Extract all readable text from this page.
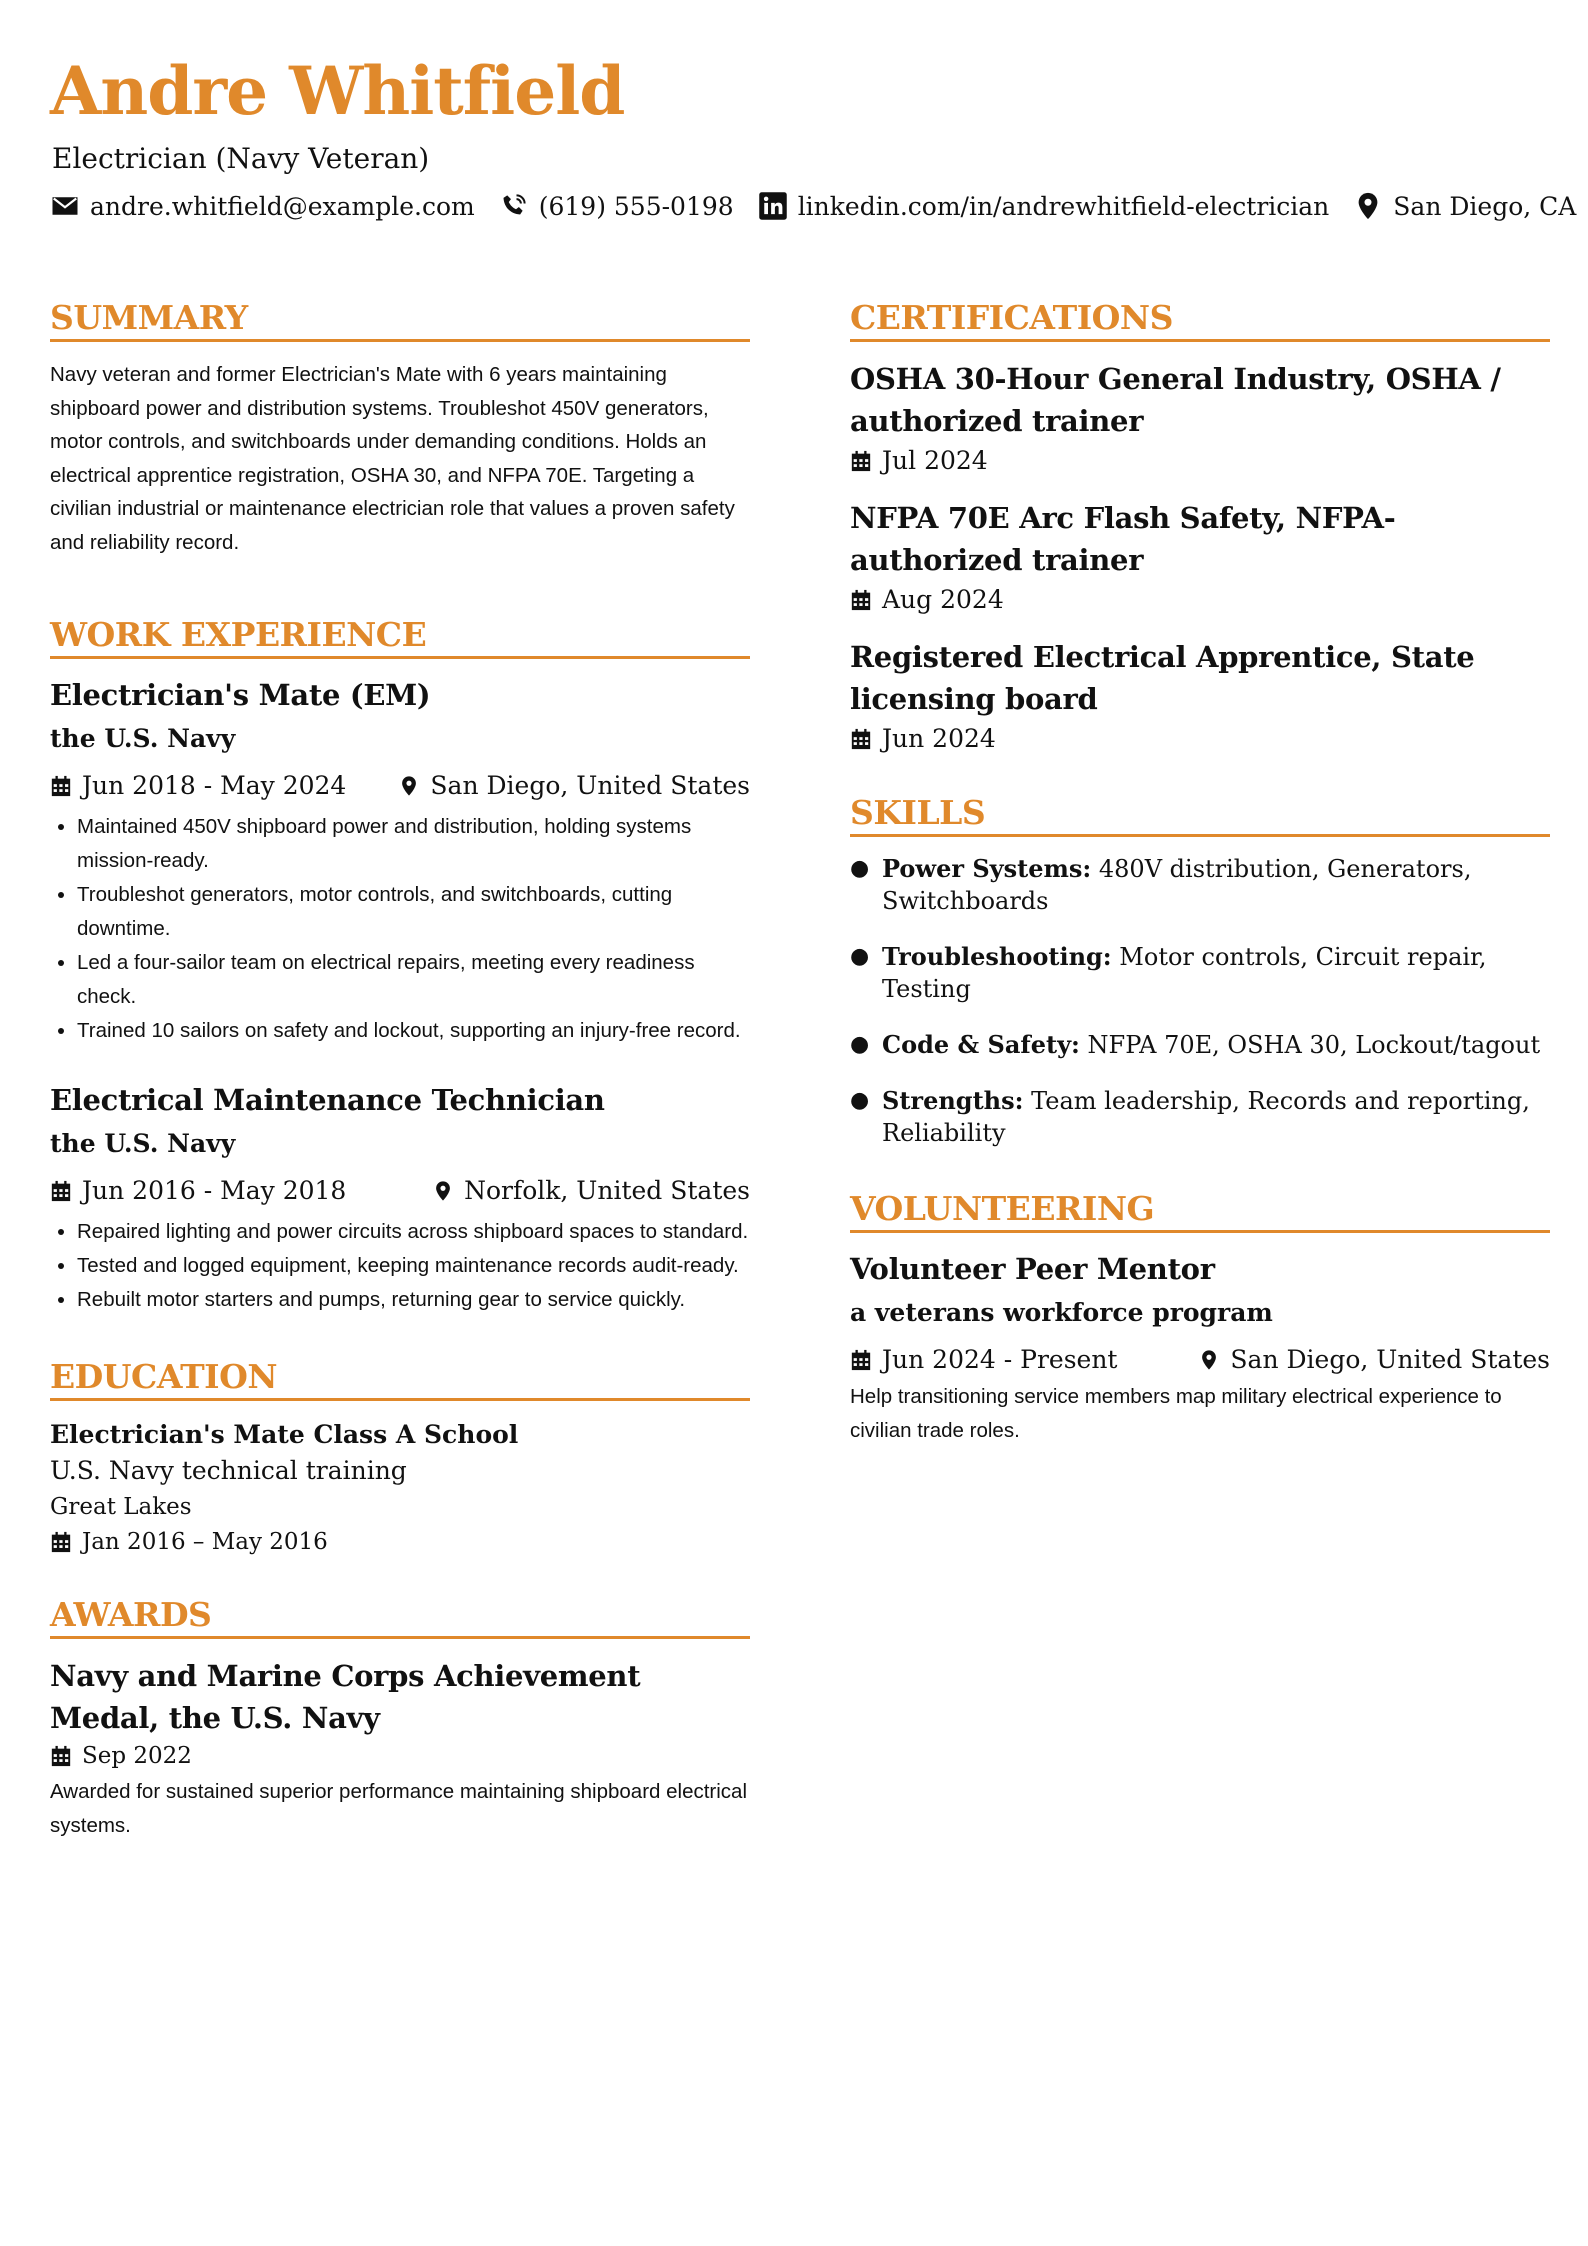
Andre Whitfield
Electrician (Navy Veteran)
andre.whitfield@example.com	(619) 555-0198	linkedin.com/in/andrewhitfield-electrician	San Diego, CA
SUMMARY
Navy veteran and former Electrician's Mate with 6 years maintaining shipboard power and distribution systems. Troubleshot 450V generators, motor controls, and switchboards under demanding conditions. Holds an electrical apprentice registration, OSHA 30, and NFPA 70E. Targeting a civilian industrial or maintenance electrician role that values a proven safety and reliability record.
WORK EXPERIENCE
Electrician's Mate (EM)
the U.S. Navy
Jun 2018 - May 2024	San Diego, United States
• Maintained 450V shipboard power and distribution, holding systems mission-ready.
• Troubleshot generators, motor controls, and switchboards, cutting downtime.
• Led a four-sailor team on electrical repairs, meeting every readiness check.
• Trained 10 sailors on safety and lockout, supporting an injury-free record.
Electrical Maintenance Technician
the U.S. Navy
Jun 2016 - May 2018	Norfolk, United States
• Repaired lighting and power circuits across shipboard spaces to standard.
• Tested and logged equipment, keeping maintenance records audit-ready.
• Rebuilt motor starters and pumps, returning gear to service quickly.
EDUCATION
Electrician's Mate Class A School
U.S. Navy technical training
Great Lakes
Jan 2016 – May 2016
AWARDS
Navy and Marine Corps Achievement Medal, the U.S. Navy
Sep 2022
Awarded for sustained superior performance maintaining shipboard electrical systems.
CERTIFICATIONS
OSHA 30-Hour General Industry, OSHA / authorized trainer
Jul 2024
NFPA 70E Arc Flash Safety, NFPA-authorized trainer
Aug 2024
Registered Electrical Apprentice, State licensing board
Jun 2024
SKILLS
● Power Systems: 480V distribution, Generators, Switchboards
● Troubleshooting: Motor controls, Circuit repair, Testing
● Code & Safety: NFPA 70E, OSHA 30, Lockout/tagout
● Strengths: Team leadership, Records and reporting, Reliability
VOLUNTEERING
Volunteer Peer Mentor
a veterans workforce program
Jun 2024 - Present	San Diego, United States
Help transitioning service members map military electrical experience to civilian trade roles.
